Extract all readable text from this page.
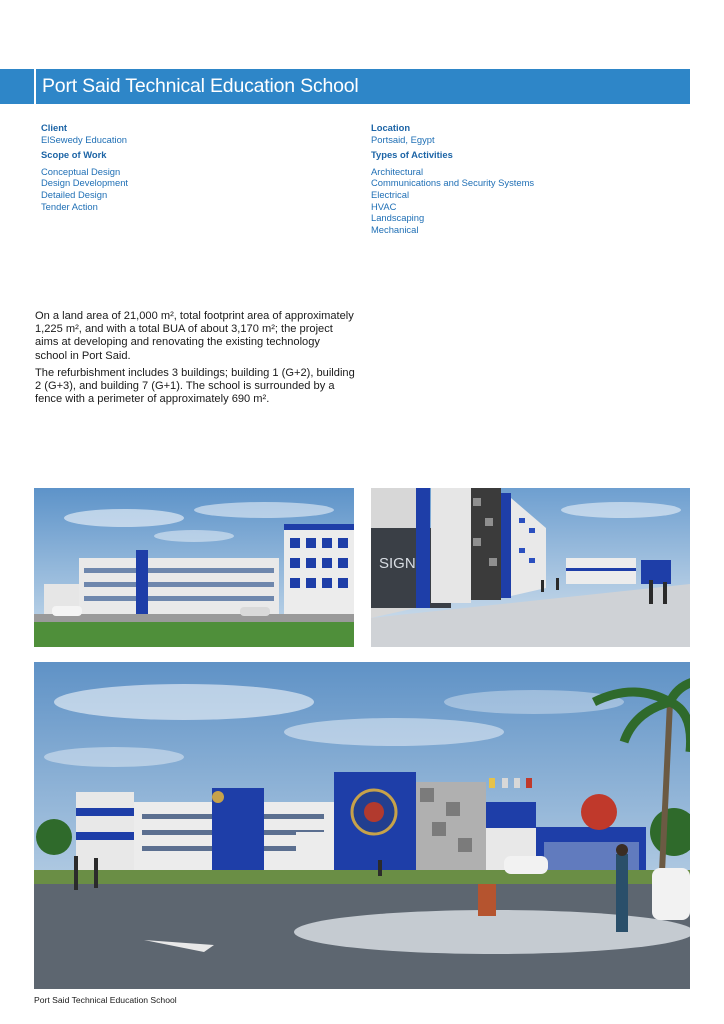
Port Said Technical Education School
Client
ElSewedy Education
Scope of Work
Conceptual Design
Design Development
Detailed Design
Tender Action
Location
Portsaid, Egypt
Types of Activities
Architectural
Communications and Security Systems
Electrical
HVAC
Landscaping
Mechanical

On a land area of 21,000 m², total footprint area of approximately 1,225 m², and with a total BUA of about 3,170 m²; the project aims at developing and renovating the existing technology school in Port Said.

The refurbishment includes 3 buildings; building 1 (G+2), building 2 (G+3), and building 7 (G+1). The school is surrounded by a fence with a perimeter of approximately 690 m².

SIGN
Port Said Technical Education School
